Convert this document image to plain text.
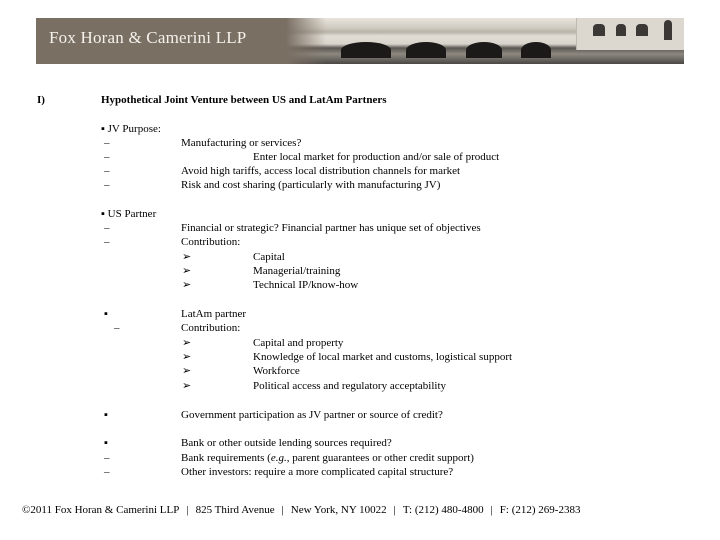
Fox Horan & Camerini LLP
I)	Hypothetical Joint Venture between US and LatAm Partners
▪ JV Purpose:
–	Manufacturing or services?
–	Enter local market for production and/or sale of product
–	Avoid high tariffs, access local distribution channels for market
–	Risk and cost sharing (particularly with manufacturing JV)
▪ US Partner
–	Financial or strategic? Financial partner has unique set of objectives
–	Contribution:
➢	Capital
➢	Managerial/training
➢	Technical IP/know-how
▪	LatAm partner
–	Contribution:
➢	Capital and property
➢	Knowledge of local market and customs, logistical support
➢	Workforce
➢	Political access and regulatory acceptability
▪	Government participation as JV partner or source of credit?
▪	Bank or other outside lending sources required?
–	Bank requirements (e.g., parent guarantees or other credit support)
–	Other investors: require a more complicated capital structure?
©2011 Fox Horan & Camerini LLP | 825 Third Avenue | New York, NY 10022 | T: (212) 480-4800 | F: (212) 269-2383
